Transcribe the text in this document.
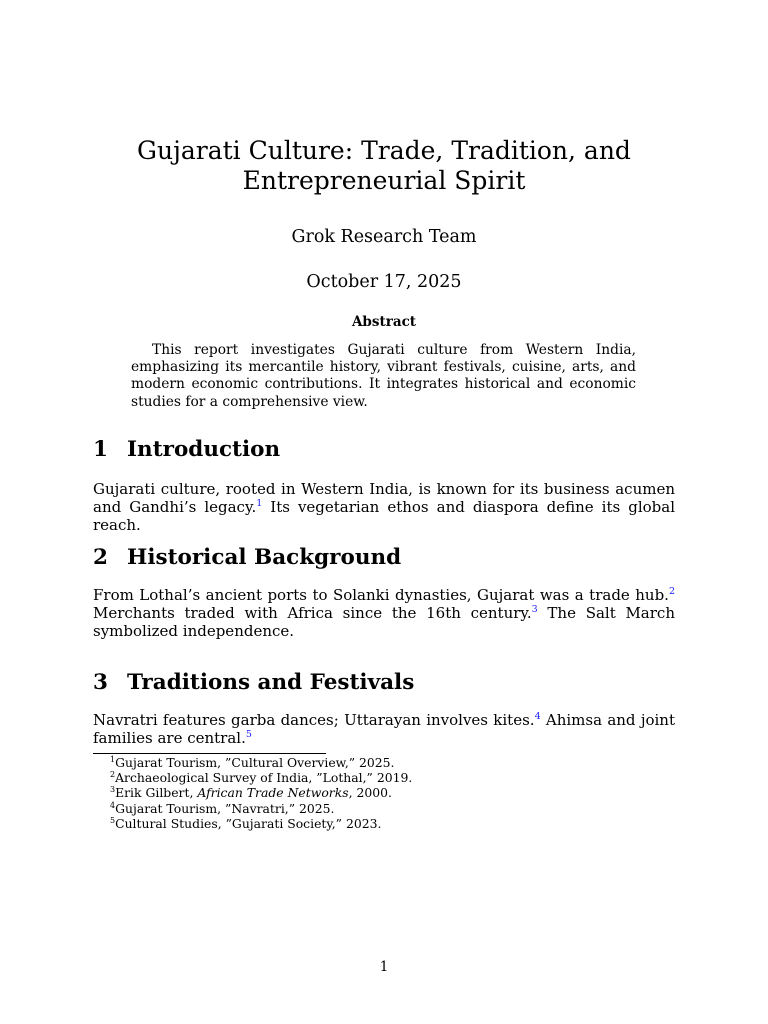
Gujarati Culture: Trade, Tradition, and Entrepreneurial Spirit
Grok Research Team
October 17, 2025
Abstract

This report investigates Gujarati culture from Western India, emphasizing its mercantile history, vibrant festivals, cuisine, arts, and modern economic contributions. It integrates historical and economic studies for a comprehensive view.

1 Introduction

Gujarati culture, rooted in Western India, is known for its business acumen and Gandhi’s legacy.$^1$ Its vegetarian ethos and diaspora define its global reach.

2 Historical Background

From Lothal’s ancient ports to Solanki dynasties, Gujarat was a trade hub.$^2$ Merchants traded with Africa since the 16th century.$^3$ The Salt March symbolized independence.

3 Traditions and Festivals

Navratri features garba dances; Uttarayan involves kites.$^4$ Ahimsa and joint families are central.$^5$

$^1$Gujarat Tourism, ”Cultural Overview,” 2025.
$^2$Archaeological Survey of India, ”Lothal,” 2019.
$^3$Erik Gilbert, African Trade Networks, 2000.
$^4$Gujarat Tourism, ”Navratri,” 2025.
$^5$Cultural Studies, ”Gujarati Society,” 2023.
1
